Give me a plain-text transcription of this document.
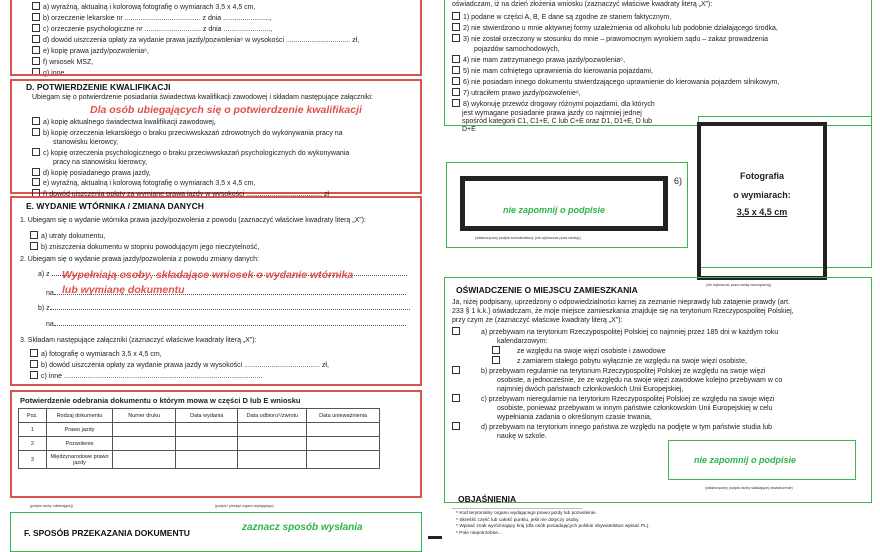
a) wyraźną, aktualną i kolorową fotografię o wymiarach 3,5 x 4,5 cm,
b) orzeczenie lekarskie nr ....................................... z dnia ........................,
c) orzeczenie psychologiczne nr ............................. z dnia ........................,
d) dowód uiszczenia opłaty za wydanie prawa jazdy/pozwolenia⁶ w wysokości ................................. zł,
e) kopię prawa jazdy/pozwolenia⁶,
f) wniosek MSZ,
g) inne ...............................................................................................
D. POTWIERDZENIE KWALIFIKACJI
Ubiegam się o potwierdzenie posiadania świadectwa kwalifikacji zawodowej i składam następujące załączniki:
Dla osób ubiegających się o potwierdzenie kwalifikacji
a) kopię aktualnego świadectwa kwalifikacji zawodowej,
b) kopię orzeczenia lekarskiego o braku przeciwwskazań zdrowotnych do wykonywania pracy na
stanowisku kierowcy,
c) kopię orzeczenia psychologicznego o braku przeciwwskazań psychologicznych do wykonywania
pracy na stanowisku kierowcy,
d) kopię posiadanego prawa jazdy,
e) wyraźną, aktualną i kolorową fotografię o wymiarach 3,5 x 4,5 cm,
f) dowód uiszczenia opłaty za wymianę prawa jazdy w wysokości ....................................... zł
E. WYDANIE WTÓRNIKA / ZMIANA DANYCH
1. Ubiegam się o wydanie wtórnika prawa jazdy/pozwolenia z powodu (zaznaczyć właściwe kwadraty literą „X”):
a) utraty dokumentu,
b) zniszczenia dokumentu w stopniu powodującym jego nieczytelność,
2. Ubiegam się o wydanie prawa jazdy/pozwolenia z powodu zmiany danych:
a) z
na
b) z
na
Wypełniają osoby, składające wniosek o wydanie wtórnika
lub wymianę dokumentu
3. Składam następujące załączniki (zaznaczyć właściwe kwadraty literą „X”):
a) fotografię o wymiarach 3,5 x 4,5 cm,
b) dowód uiszczenia opłaty za wydanie prawa jazdy w wysokości ....................................... zł,
c) inne ......................................................................................................
Potwierdzenie odebrania dokumentu o którym mowa w części D lub E wniosku
Poz.	Rodzaj dokumentu	Numer druku	Data wydania	Data odbioru⁵/zwrotu	Data unieważnienia
1	Prawo jazdy				
2	Pozwolenie				
3	Międzynarodowe prawo jazdy				
(podpis osoby odbierającej)	(podpis i pieczęć organu wydającego)
F. SPOSÓB PRZEKAZANIA DOKUMENTU	zaznacz sposób wysłania
oświadczam, iż na dzień złożenia wniosku (zaznaczyć właściwe kwadraty literą „X”):
1) podane w części A, B, E dane są zgodne ze stanem faktycznym,
2) nie stwierdzono u mnie aktywnej formy uzależnienia od alkoholu lub podobnie działającego środka,
3) nie został orzeczony w stosunku do mnie – prawomocnym wyrokiem sądu – zakaz prowadzenia
pojazdów samochodowych,
4) nie mam zatrzymanego prawa jazdy/pozwolenia⁶,
5) nie mam cofniętego uprawnienia do kierowania pojazdami,
6) nie posiadam innego dokumentu stwierdzającego uprawnienie do kierowania pojazdem silnikowym,
7) utraciłem prawo jazdy/pozwolenie⁶,
8) wykonuję przewóz drogowy różnymi pojazdami, dla których
jest wymagane posiadanie prawa jazdy co najmniej jednej
spośród kategorii C1, C1+E, C lub C+E oraz D1, D1+E, D lub
D+E
6)
nie zapomnij o podpisie
(własnoręczny podpis wnioskodawcy (nie wykraczać poza ramkę))
Fotografia
o wymiarach:
3,5 x 4,5 cm
(nie wykraczać poza ramkę wewnętrzną)
OŚWIADCZENIE O MIEJSCU ZAMIESZKANIA
Ja, niżej podpisany, uprzedzony o odpowiedzialności karnej za zeznanie nieprawdy lub zatajenie prawdy (art.
233 § 1 k.k.) oświadczam, że moje miejsce zamieszkania znajduje się na terytorium Rzeczypospolitej Polskiej,
przy czym że (zaznaczyć właściwe kwadraty literą „X”):
a) przebywam na terytorium Rzeczypospolitej Polskiej co najmniej przez 185 dni w każdym roku
kalendarzowym:
ze względu na swoje więzi osobiste i zawodowe
z zamiarem stałego pobytu wyłącznie ze względu na swoje więzi osobiste,
b) przebywam regularnie na terytorium Rzeczypospolitej Polskiej ze względu na swoje więzi
osobiste, a jednocześnie, że ze względu na swoje więzi zawodowe kolejno przebywam w co
najmniej dwóch państwach członkowskich Unii Europejskiej,
c) przebywam nieregularnie na terytorium Rzeczypospolitej Polskiej ze względu na swoje więzi
osobiste, ponieważ przebywam w innym państwie członkowskim Unii Europejskiej w celu
wypełniania zadania o określonym czasie trwania,
d) przebywam na terytorium innego państwa ze względu na podjęte w tym państwie studia lub
naukę w szkole.
nie zapomnij o podpisie
(własnoręczny podpis osoby składającej oświadczenie)
OBJAŚNIENIA
⁵ Kod terytorialny organu wydającego prawo jazdy lub pozwolenie.
⁵ Skreślić część lub całość punktu, jeśli nie dotyczy osoby.
⁵ Wpisać znak wyróżniający kraj (dla osób posiadających polskie obywatelstwo wpisać PL).
⁶ Pole niepotrzebne...
